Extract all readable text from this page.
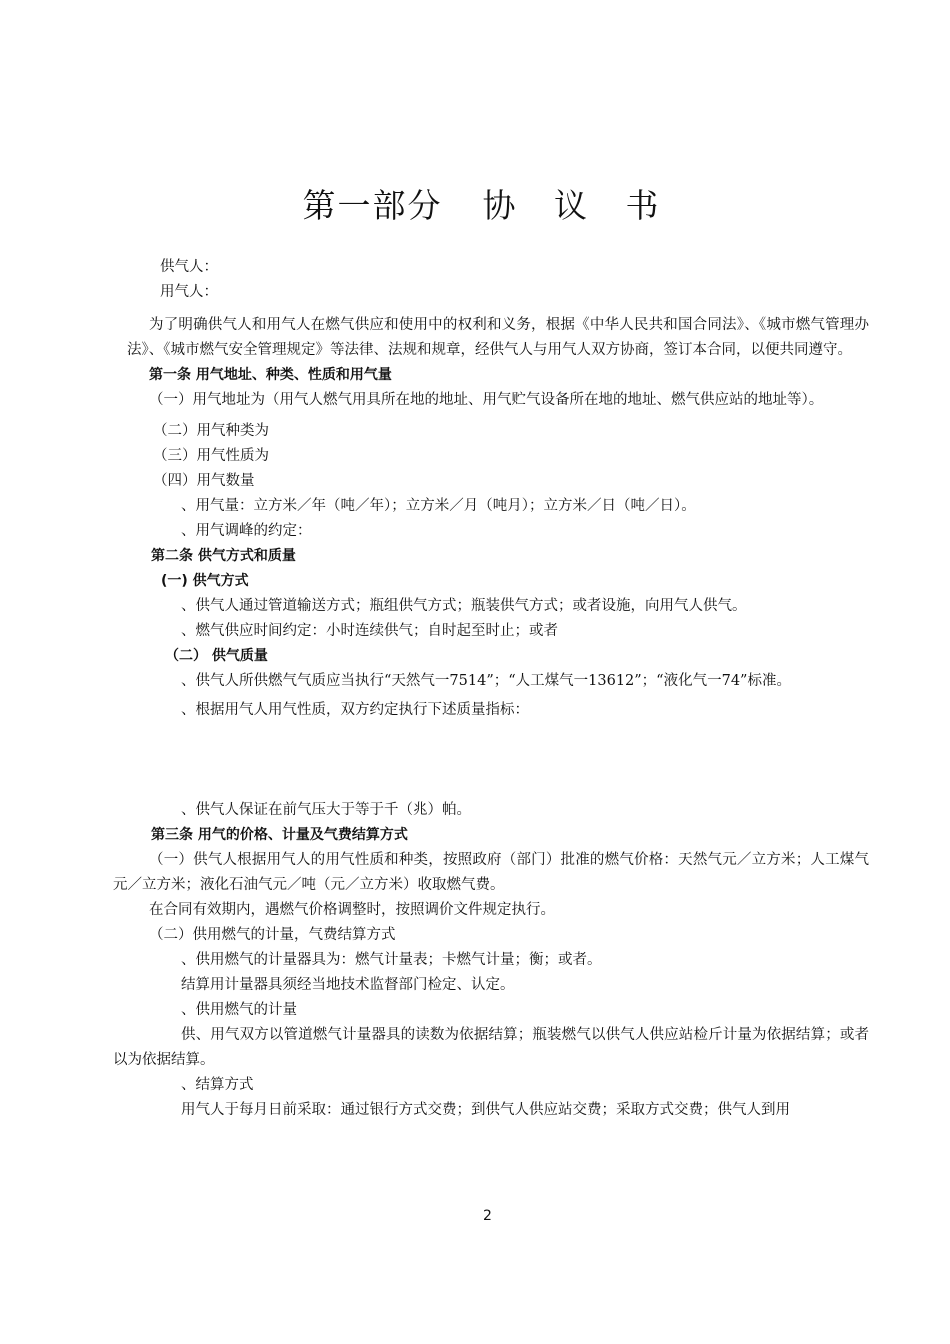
第一部分 协 议 书
供气人：
用气人：
为了明确供气人和用气人在燃气供应和使用中的权利和义务，根据《中华人民共和国合同法》、《城市燃气管理办法》、《城市燃气安全管理规定》等法律、法规和规章，经供气人与用气人双方协商，签订本合同，以便共同遵守。
第一条 用气地址、种类、性质和用气量
（一）用气地址为（用气人燃气用具所在地的地址、用气贮气设备所在地的地址、燃气供应站的地址等）。
（二）用气种类为
（三）用气性质为
（四）用气数量
、用气量：立方米／年（吨／年）；立方米／月（吨月）；立方米／日（吨／日）。
、用气调峰的约定：
第二条 供气方式和质量
(一) 供气方式
、供气人通过管道输送方式；瓶组供气方式；瓶装供气方式；或者设施，向用气人供气。
、燃气供应时间约定：小时连续供气；自时起至时止；或者
（二） 供气质量
、供气人所供燃气气质应当执行“天然气一7514”；“人工煤气一13612”；“液化气一74”标准。
、根据用气人用气性质，双方约定执行下述质量指标：
、供气人保证在前气压大于等于千（兆）帕。
第三条 用气的价格、计量及气费结算方式
（一）供气人根据用气人的用气性质和种类，按照政府（部门）批准的燃气价格：天然气元／立方米；人工煤气元／立方米；液化石油气元／吨（元／立方米）收取燃气费。
在合同有效期内，遇燃气价格调整时，按照调价文件规定执行。
（二）供用燃气的计量，气费结算方式
、供用燃气的计量器具为：燃气计量表；卡燃气计量；衡；或者。
结算用计量器具须经当地技术监督部门检定、认定。
、供用燃气的计量
供、用气双方以管道燃气计量器具的读数为依据结算；瓶装燃气以供气人供应站检斤计量为依据结算；或者以为依据结算。
、结算方式
用气人于每月日前采取：通过银行方式交费；到供气人供应站交费；采取方式交费；供气人到用
2
